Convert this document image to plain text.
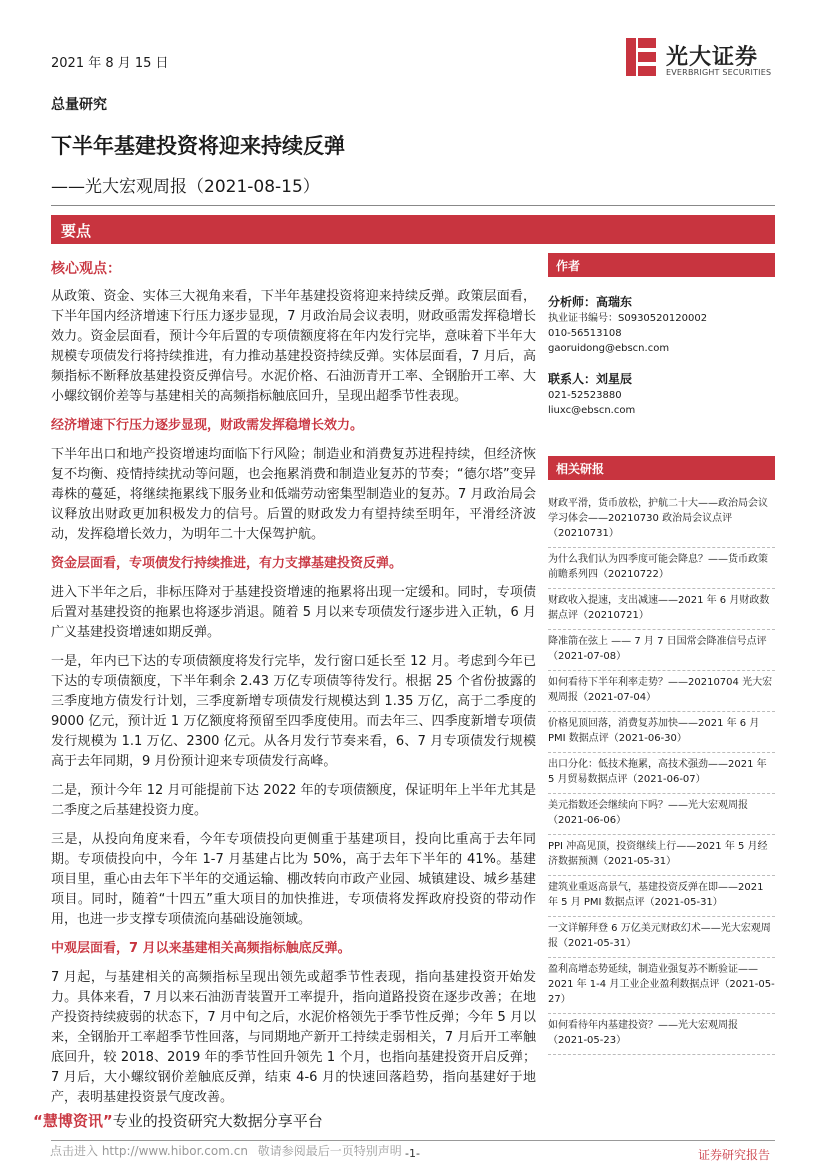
2021 年 8 月 15 日	光大证券
EVERBRIGHT SECURITIES
总量研究
下半年基建投资将迎来持续反弹
——光大宏观周报（2021-08-15）
要点
核心观点：
从政策、资金、实体三大视角来看，下半年基建投资将迎来持续反弹。政策层面看，下半年国内经济增速下行压力逐步显现，7 月政治局会议表明，财政亟需发挥稳增长效力。资金层面看，预计今年后置的专项债额度将在年内发行完毕，意味着下半年大规模专项债发行将持续推进，有力推动基建投资持续反弹。实体层面看，7 月后，高频指标不断释放基建投资反弹信号。水泥价格、石油沥青开工率、全钢胎开工率、大小螺纹钢价差等与基建相关的高频指标触底回升，呈现出超季节性表现。
经济增速下行压力逐步显现，财政需发挥稳增长效力。
下半年出口和地产投资增速均面临下行风险；制造业和消费复苏进程持续，但经济恢复不均衡、疫情持续扰动等问题，也会拖累消费和制造业复苏的节奏；“德尔塔”变异毒株的蔓延，将继续拖累线下服务业和低端劳动密集型制造业的复苏。7 月政治局会议释放出财政更加积极发力的信号。后置的财政发力有望持续至明年，平滑经济波动，发挥稳增长效力，为明年二十大保驾护航。
资金层面看，专项债发行持续推进，有力支撑基建投资反弹。
进入下半年之后，非标压降对于基建投资增速的拖累将出现一定缓和。同时，专项债后置对基建投资的拖累也将逐步消退。随着 5 月以来专项债发行逐步进入正轨，6 月广义基建投资增速如期反弹。
一是，年内已下达的专项债额度将发行完毕，发行窗口延长至 12 月。考虑到今年已下达的专项债额度，下半年剩余 2.43 万亿专项债等待发行。根据 25 个省份披露的三季度地方债发行计划，三季度新增专项债发行规模达到 1.35 万亿，高于二季度的 9000 亿元，预计近 1 万亿额度将预留至四季度使用。而去年三、四季度新增专项债发行规模为 1.1 万亿、2300 亿元。从各月发行节奏来看，6、7 月专项债发行规模高于去年同期，9 月份预计迎来专项债发行高峰。
二是，预计今年 12 月可能提前下达 2022 年的专项债额度，保证明年上半年尤其是二季度之后基建投资力度。
三是，从投向角度来看，今年专项债投向更侧重于基建项目，投向比重高于去年同期。专项债投向中，今年 1-7 月基建占比为 50%，高于去年下半年的 41%。基建项目里，重心由去年下半年的交通运输、棚改转向市政产业园、城镇建设、城乡基建项目。同时，随着“十四五”重大项目的加快推进，专项债将发挥政府投资的带动作用，也进一步支撑专项债流向基础设施领域。
中观层面看，7 月以来基建相关高频指标触底反弹。
7 月起，与基建相关的高频指标呈现出领先或超季节性表现，指向基建投资开始发力。具体来看，7 月以来石油沥青装置开工率提升，指向道路投资在逐步改善；在地产投资持续疲弱的状态下，7 月中旬之后，水泥价格领先于季节性反弹；今年 5 月以来，全钢胎开工率超季节性回落，与同期地产新开工持续走弱相关，7 月后开工率触底回升，较 2018、2019 年的季节性回升领先 1 个月，也指向基建投资开启反弹；7 月后，大小螺纹钢价差触底反弹，结束 4-6 月的快速回落趋势，指向基建好于地产，表明基建投资景气度改善。
作者
分析师：高瑞东
执业证书编号：S0930520120002
010-56513108
gaoruidong@ebscn.com
联系人：刘星辰
021-52523880
liuxc@ebscn.com
相关研报
财政平滑，货币放松，护航二十大——政治局会议学习体会——20210730 政治局会议点评（20210731）
为什么我们认为四季度可能会降息？——货币政策前瞻系列四（20210722）
财政收入提速，支出减速——2021 年 6 月财政数据点评（20210721）
降准箭在弦上 —— 7 月 7 日国常会降准信号点评（2021-07-08）
如何看待下半年利率走势？——20210704 光大宏观周报（2021-07-04）
价格见顶回落，消费复苏加快——2021 年 6 月 PMI 数据点评（2021-06-30）
出口分化：低技术拖累，高技术强劲——2021 年 5 月贸易数据点评（2021-06-07）
美元指数还会继续向下吗？——光大宏观周报（2021-06-06）
PPI 冲高见顶，投资继续上行——2021 年 5 月经济数据预测（2021-05-31）
建筑业重返高景气，基建投资反弹在即——2021 年 5 月 PMI 数据点评（2021-05-31）
一文详解拜登 6 万亿美元财政幻术——光大宏观周报（2021-05-31）
盈利高增态势延续，制造业强复苏不断验证——2021 年 1-4 月工业企业盈利数据点评（2021-05-27）
如何看待年内基建投资？——光大宏观周报（2021-05-23）
“慧博资讯”专业的投资研究大数据分享平台
点击进入 http://www.hibor.com.cn 敬请参阅最后一页特别声明 -1-	证券研究报告
